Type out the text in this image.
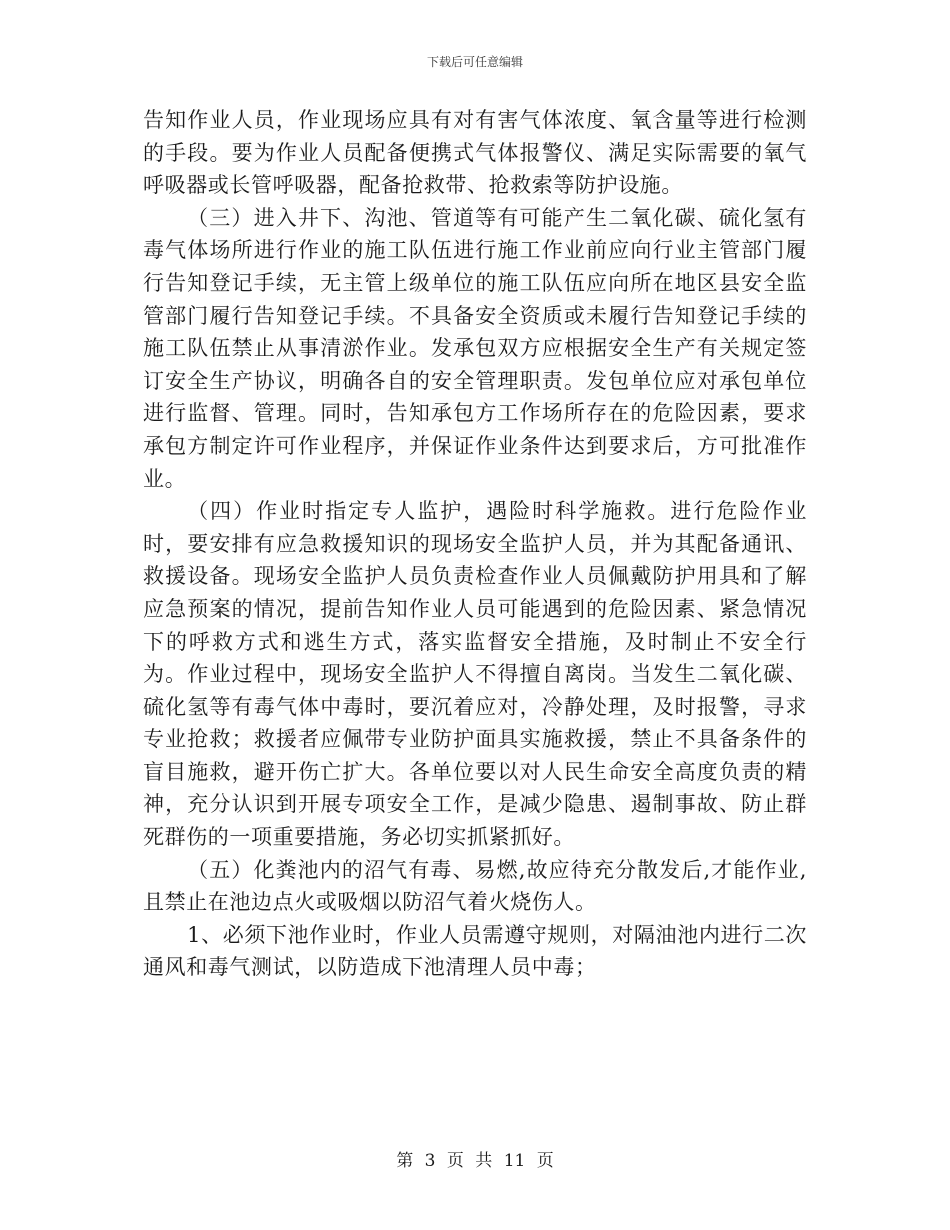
下载后可任意编辑

告知作业人员，作业现场应具有对有害气体浓度、氧含量等进行检测的手段。要为作业人员配备便携式气体报警仪、满足实际需要的氧气呼吸器或长管呼吸器，配备抢救带、抢救索等防护设施。

（三）进入井下、沟池、管道等有可能产生二氧化碳、硫化氢有毒气体场所进行作业的施工队伍进行施工作业前应向行业主管部门履行告知登记手续，无主管上级单位的施工队伍应向所在地区县安全监管部门履行告知登记手续。不具备安全资质或未履行告知登记手续的施工队伍禁止从事清淤作业。发承包双方应根据安全生产有关规定签订安全生产协议，明确各自的安全管理职责。发包单位应对承包单位进行监督、管理。同时，告知承包方工作场所存在的危险因素，要求承包方制定许可作业程序，并保证作业条件达到要求后，方可批准作业。

（四）作业时指定专人监护，遇险时科学施救。进行危险作业时，要安排有应急救援知识的现场安全监护人员，并为其配备通讯、救援设备。现场安全监护人员负责检查作业人员佩戴防护用具和了解应急预案的情况，提前告知作业人员可能遇到的危险因素、紧急情况下的呼救方式和逃生方式，落实监督安全措施，及时制止不安全行为。作业过程中，现场安全监护人不得擅自离岗。当发生二氧化碳、硫化氢等有毒气体中毒时，要沉着应对，冷静处理，及时报警，寻求专业抢救；救援者应佩带专业防护面具实施救援，禁止不具备条件的盲目施救，避开伤亡扩大。各单位要以对人民生命安全高度负责的精神，充分认识到开展专项安全工作，是减少隐患、遏制事故、防止群死群伤的一项重要措施，务必切实抓紧抓好。

（五）化粪池内的沼气有毒、易燃,故应待充分散发后,才能作业,且禁止在池边点火或吸烟以防沼气着火烧伤人。

1、必须下池作业时，作业人员需遵守规则，对隔油池内进行二次通风和毒气测试，以防造成下池清理人员中毒；

第 3 页 共 11 页
